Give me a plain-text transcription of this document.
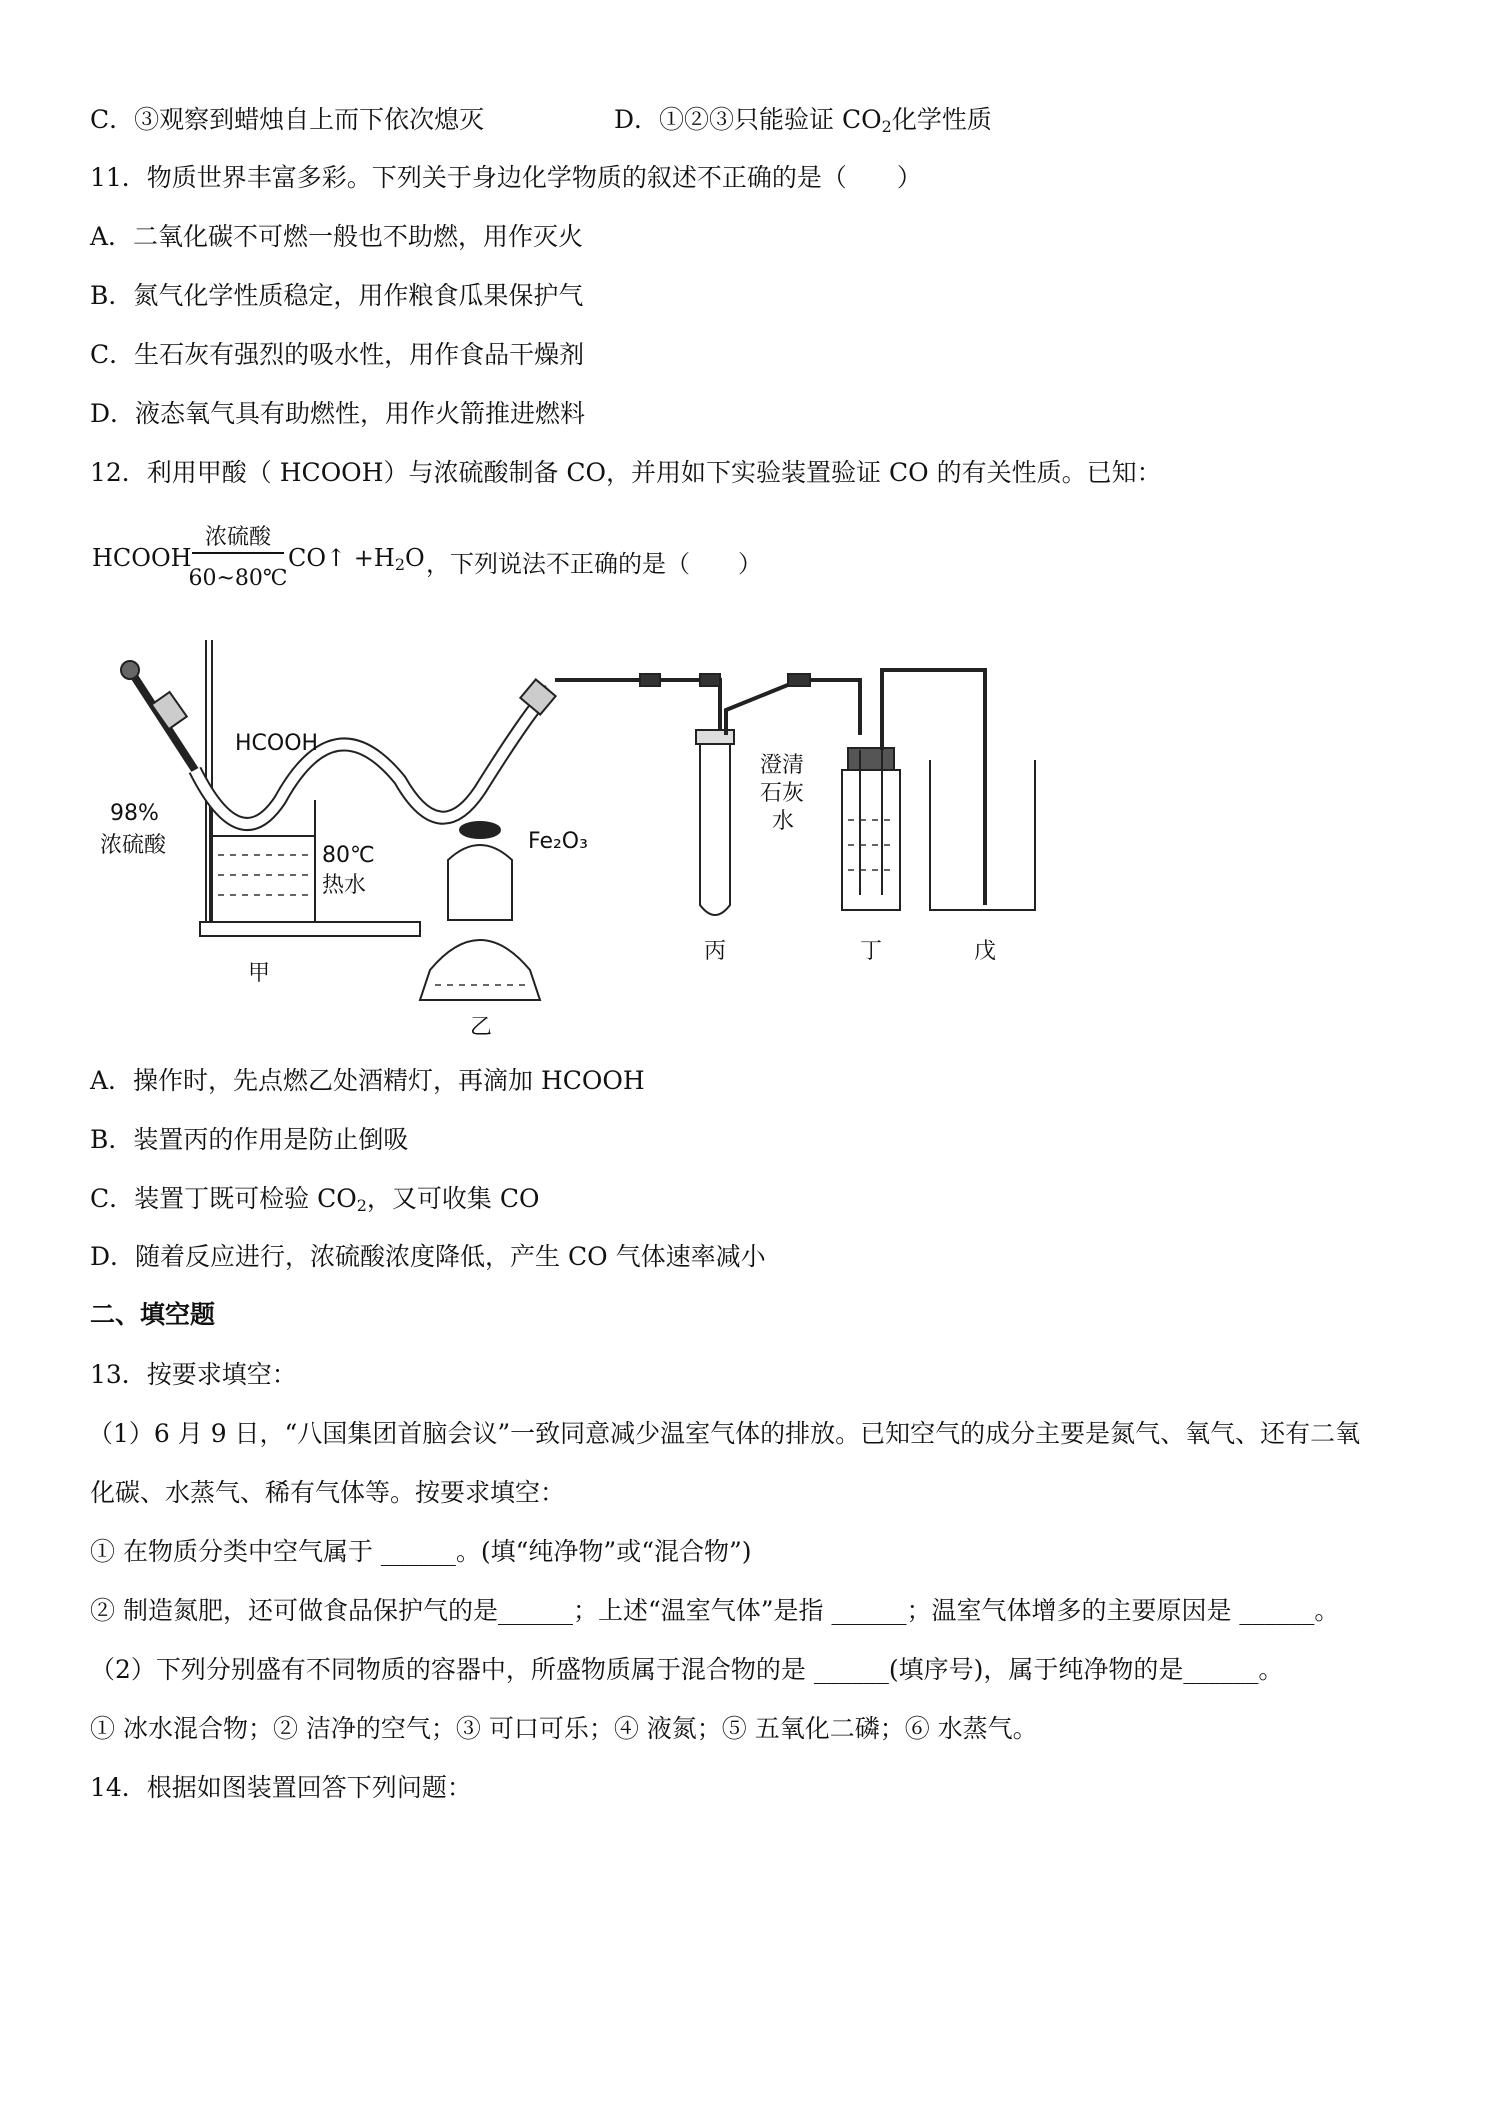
C．③观察到蜡烛自上而下依次熄灭	D．①②③只能验证 $CO_2$化学性质
11．物质世界丰富多彩。下列关于身边化学物质的叙述不正确的是（　　）
A．二氧化碳不可燃一般也不助燃，用作灭火
B．氮气化学性质稳定，用作粮食瓜果保护气
C．生石灰有强烈的吸水性，用作食品干燥剂
D．液态氧气具有助燃性，用作火箭推进燃料
12．利用甲酸（ HCOOH）与浓硫酸制备 CO，并用如下实验装置验证 CO 的有关性质。已知：
HCOOH
浓硫酸
60~80℃
CO↑ $+H_2O$ ，下列说法不正确的是（　　）
HCOOH
98%
浓硫酸	80℃
热水
Fe₂O₃
澄清
石灰
水
甲
乙
丙	丁	戊
A．操作时，先点燃乙处酒精灯，再滴加 HCOOH
B．装置丙的作用是防止倒吸
C．装置丁既可检验 $CO_2$，又可收集 CO
D．随着反应进行，浓硫酸浓度降低，产生 CO 气体速率减小
二、填空题
13．按要求填空：
（1）6 月 9 日，“八国集团首脑会议”一致同意减少温室气体的排放。已知空气的成分主要是氮气、氧气、还有二氧
化碳、水蒸气、稀有气体等。按要求填空：
① 在物质分类中空气属于 ______。(填“纯净物”或“混合物”)
② 制造氮肥，还可做食品保护气的是______；上述“温室气体”是指 ______；温室气体增多的主要原因是 ______。
（2）下列分别盛有不同物质的容器中，所盛物质属于混合物的是 ______(填序号)，属于纯净物的是______。
① 冰水混合物；② 洁净的空气；③ 可口可乐；④ 液氮；⑤ 五氧化二磷；⑥ 水蒸气。
14．根据如图装置回答下列问题：
